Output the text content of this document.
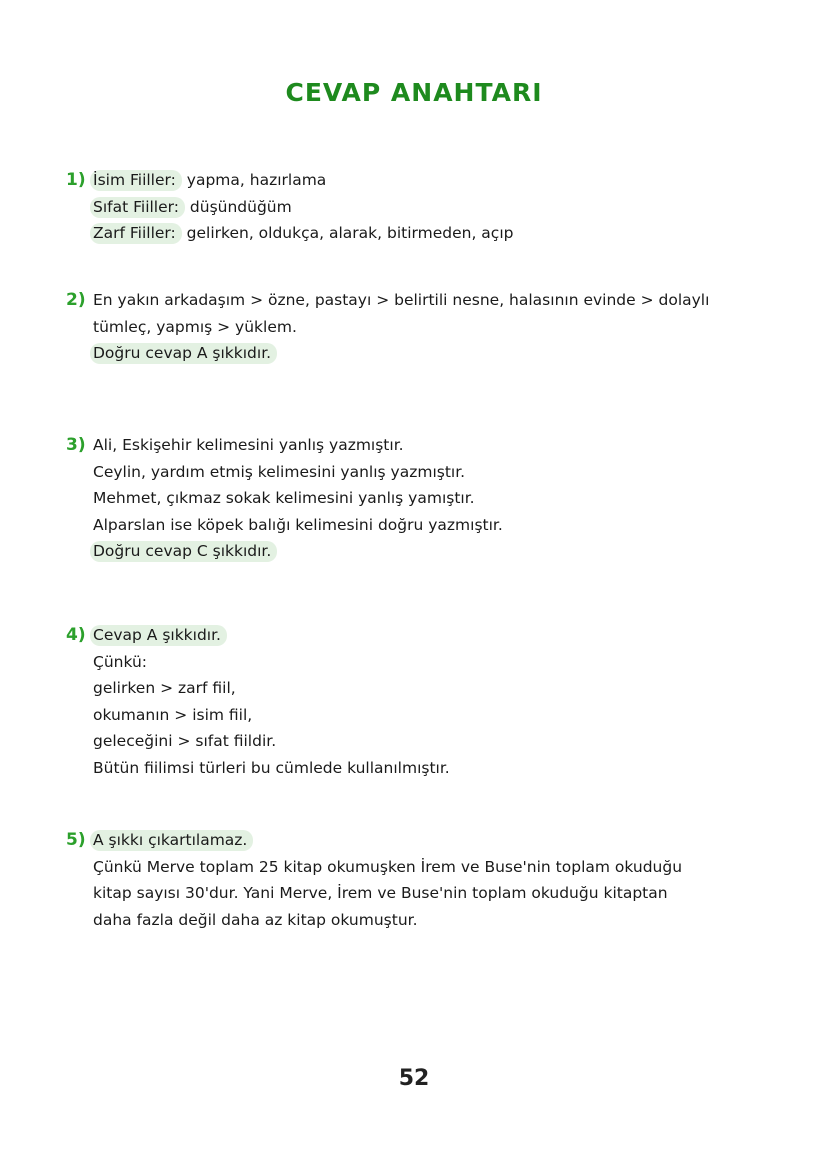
CEVAP ANAHTARI
1) İsim Fiiller: yapma, hazırlama
Sıfat Fiiller: düşündüğüm
Zarf Fiiller: gelirken, oldukça, alarak, bitirmeden, açıp
2) En yakın arkadaşım > özne, pastayı > belirtili nesne, halasının evinde > dolaylı
tümleç, yapmış > yüklem.
Doğru cevap A şıkkıdır.
3) Ali, Eskişehir kelimesini yanlış yazmıştır.
Ceylin, yardım etmiş kelimesini yanlış yazmıştır.
Mehmet, çıkmaz sokak kelimesini yanlış yamıştır.
Alparslan ise köpek balığı kelimesini doğru yazmıştır.
Doğru cevap C şıkkıdır.
4) Cevap A şıkkıdır.
Çünkü:
gelirken > zarf fiil,
okumanın > isim fiil,
geleceğini > sıfat fiildir.
Bütün fiilimsi türleri bu cümlede kullanılmıştır.
5) A şıkkı çıkartılamaz.
Çünkü Merve toplam 25 kitap okumuşken İrem ve Buse'nin toplam okuduğu
kitap sayısı 30'dur. Yani Merve, İrem ve Buse'nin toplam okuduğu kitaptan
daha fazla değil daha az kitap okumuştur.
52
